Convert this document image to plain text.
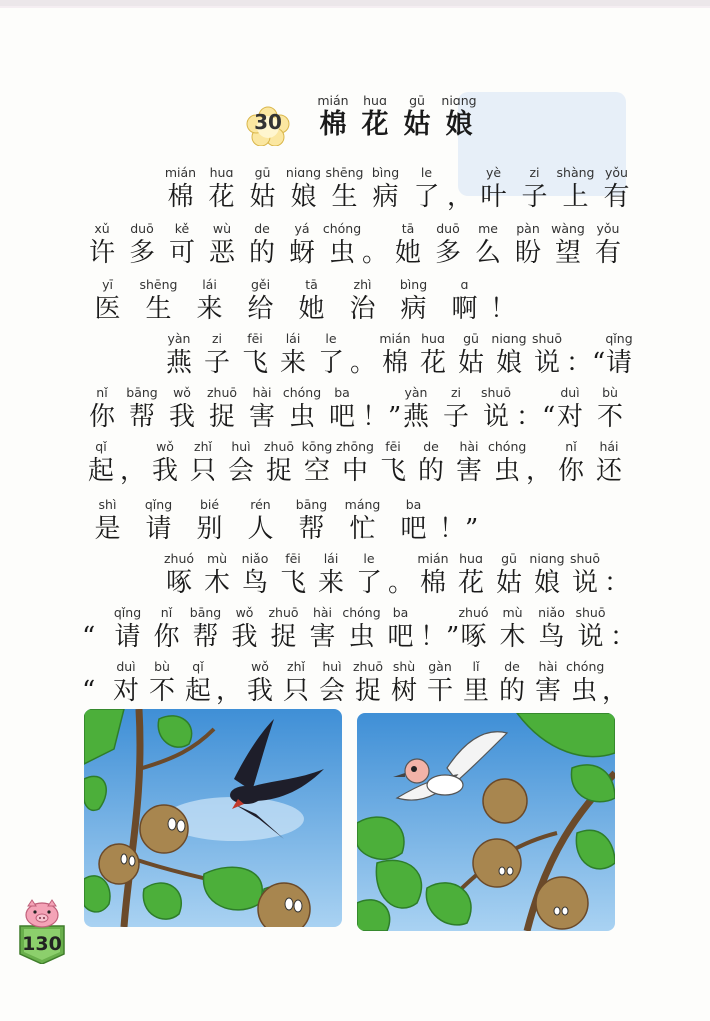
30
mián
棉
huɑ
花
gū
姑
niɑng
娘
mián
棉
huɑ
花
gū
姑
niɑng
娘
shēng
生
bìng
病
le
了 ，
yè
叶
zi
子
shàng
上
yǒu
有
xǔ
许
duō
多
kě
可
wù
恶
de
的
yá
蚜
chóng
虫 。
tā
她
duō
多
me
么
pàn
盼
wàng
望
yǒu
有
yī
医
shēng
生
lái
来
gěi
给
tā
她
zhì
治
bìng
病
ɑ
啊 ！
yàn
燕
zi
子
fēi
飞
lái
来
le
了 。
mián
棉
huɑ
花
gū
姑
niɑng
娘
shuō
说 ：“
qǐng
请
nǐ
你
bāng
帮
wǒ
我
zhuō
捉
hài
害
chóng
虫
ba
吧 ！”
yàn
燕
zi
子
shuō
说 ：“
duì
对
bù
不
qǐ
起 ，
wǒ
我
zhǐ
只
huì
会
zhuō
捉
kōng
空
zhōng
中
fēi
飞
de
的
hài
害
chóng
虫 ，
nǐ
你
hái
还
shì
是
qǐng
请
bié
别
rén
人
bāng
帮
máng
忙
ba
吧 ！”
zhuó
啄
mù
木
niǎo
鸟
fēi
飞
lái
来
le
了 。
mián
棉
huɑ
花
gū
姑
niɑng
娘
shuō
说 ：
“
qǐng
请
nǐ
你
bāng
帮
wǒ
我
zhuō
捉
hài
害
chóng
虫
ba
吧 ！”
zhuó
啄
mù
木
niǎo
鸟
shuō
说 ：
“
duì
对
bù
不
qǐ
起 ，
wǒ
我
zhǐ
只
huì
会
zhuō
捉
shù
树
gàn
干
lǐ
里
de
的
hài
害
chóng
虫 ，
130
